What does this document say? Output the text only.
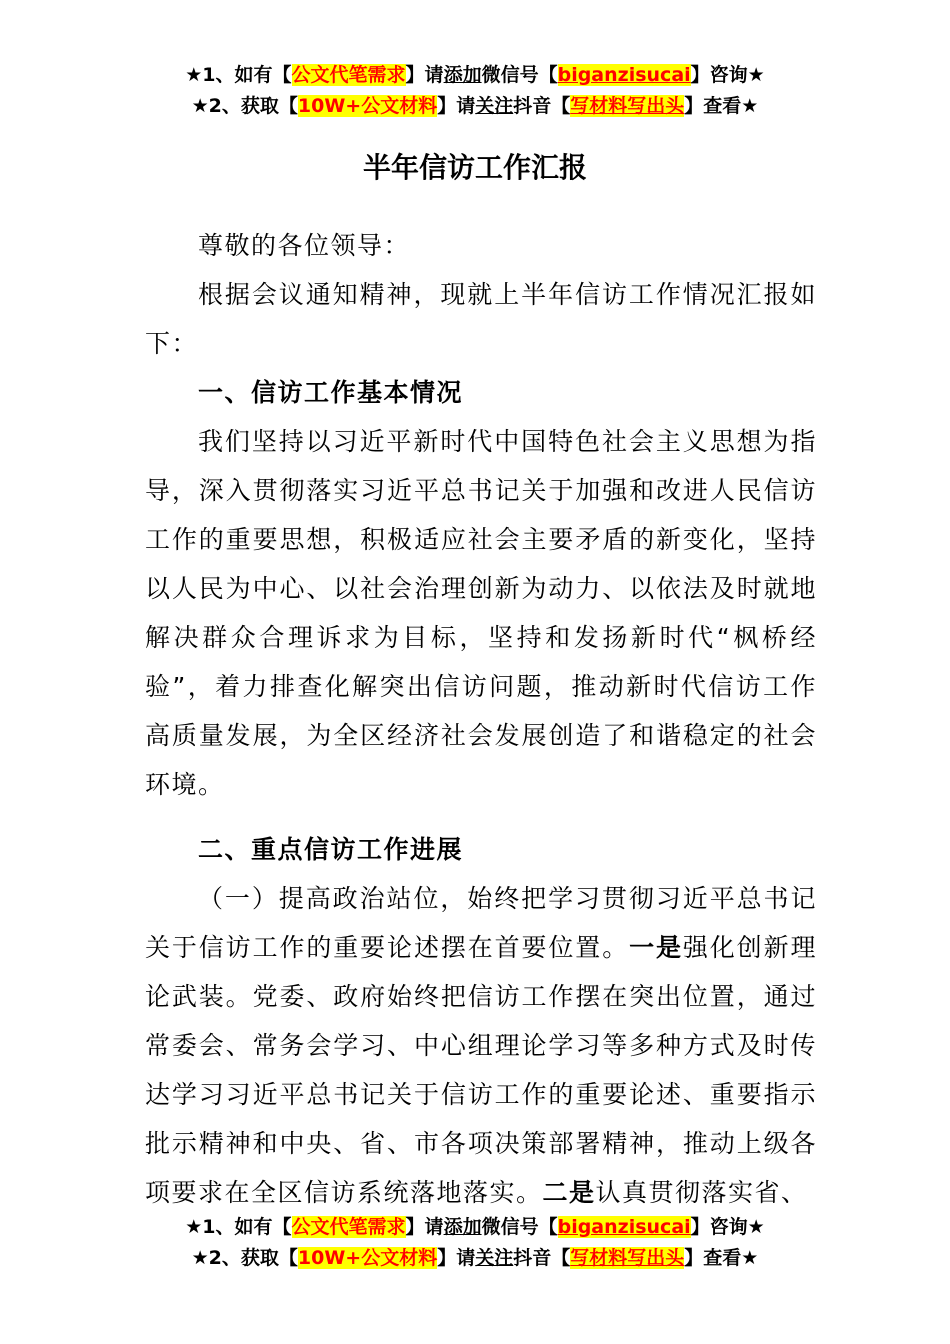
★1、如有【公文代笔需求】请添加微信号【biganzisucai】咨询★
★2、获取【10W+公文材料】请关注抖音【写材料写出头】查看★
半年信访工作汇报

尊敬的各位领导：

根据会议通知精神，现就上半年信访工作情况汇报如下：

一、信访工作基本情况

我们坚持以习近平新时代中国特色社会主义思想为指导，深入贯彻落实习近平总书记关于加强和改进人民信访工作的重要思想，积极适应社会主要矛盾的新变化，坚持以人民为中心、以社会治理创新为动力、以依法及时就地解决群众合理诉求为目标，坚持和发扬新时代“枫桥经验”，着力排查化解突出信访问题，推动新时代信访工作高质量发展，为全区经济社会发展创造了和谐稳定的社会环境。

二、重点信访工作进展

（一）提高政治站位，始终把学习贯彻习近平总书记关于信访工作的重要论述摆在首要位置。一是强化创新理论武装。党委、政府始终把信访工作摆在突出位置，通过常委会、常务会学习、中心组理论学习等多种方式及时传达学习习近平总书记关于信访工作的重要论述、重要指示批示精神和中央、省、市各项决策部署精神，推动上级各项要求在全区信访系统落地落实。二是认真贯彻落实省、

★1、如有【公文代笔需求】请添加微信号【biganzisucai】咨询★
★2、获取【10W+公文材料】请关注抖音【写材料写出头】查看★
